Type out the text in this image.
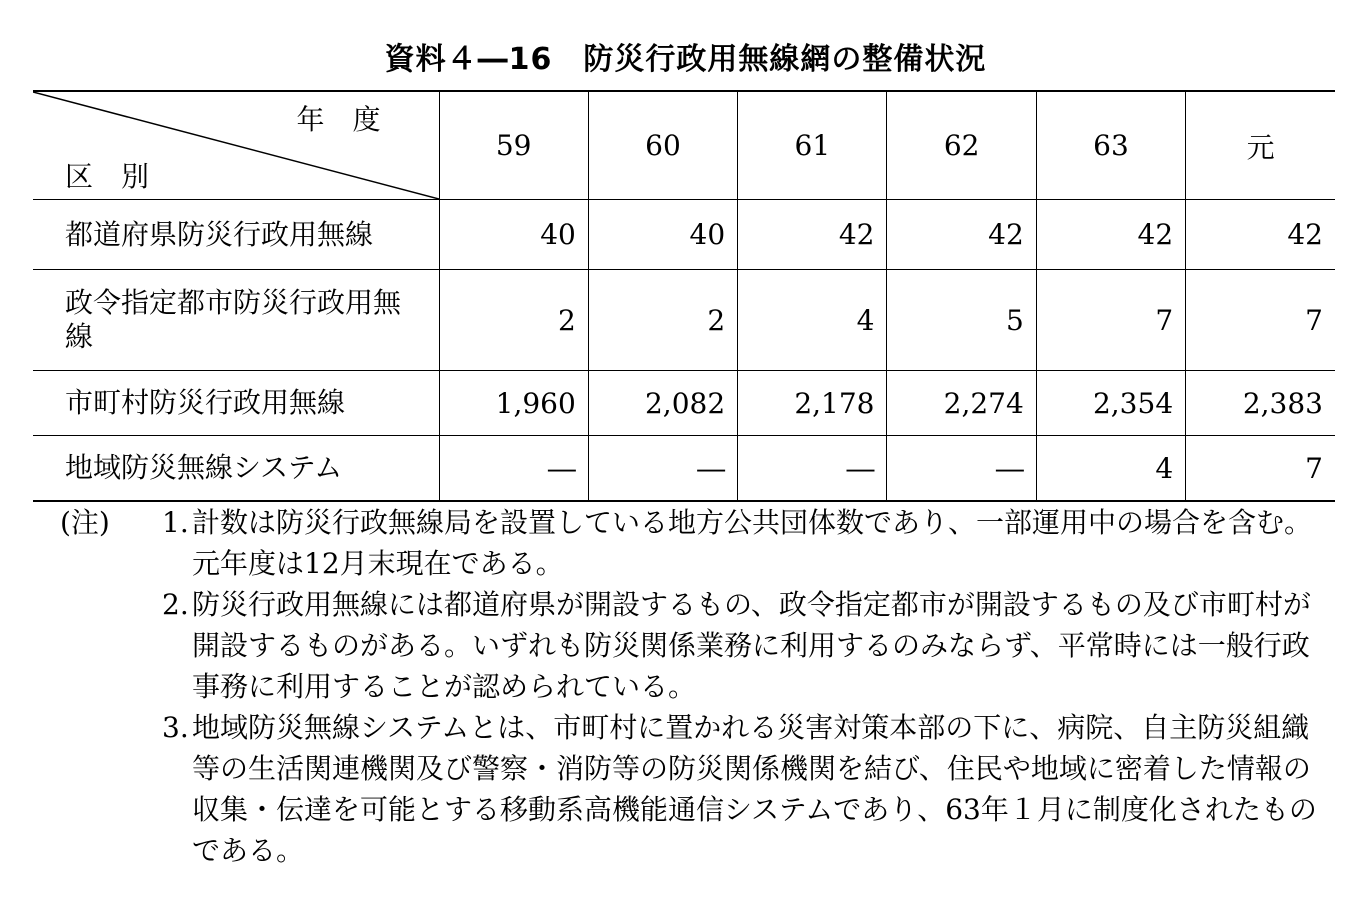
資料４―16　防災行政用無線網の整備状況
年度
区別	59	60	61	62	63	元
都道府県防災行政用無線	40	40	42	42	42	42

政令指定都市防災行政用無線	2	2	4	5	7	7
市町村防災行政用無線	1,960	2,082	2,178	2,274	2,354	2,383
地域防災無線システム	―	―	―	―	4	7
(注) 1. 計数は防災行政無線局を設置している地方公共団体数であり、一部運用中の場合を含む。元年度は12月末現在である。
2. 防災行政用無線には都道府県が開設するもの、政令指定都市が開設するもの及び市町村が開設するものがある。いずれも防災関係業務に利用するのみならず、平常時には一般行政事務に利用することが認められている。
3. 地域防災無線システムとは、市町村に置かれる災害対策本部の下に、病院、自主防災組織等の生活関連機関及び警察・消防等の防災関係機関を結び、住民や地域に密着した情報の収集・伝達を可能とする移動系高機能通信システムであり、63年１月に制度化されたものである。
